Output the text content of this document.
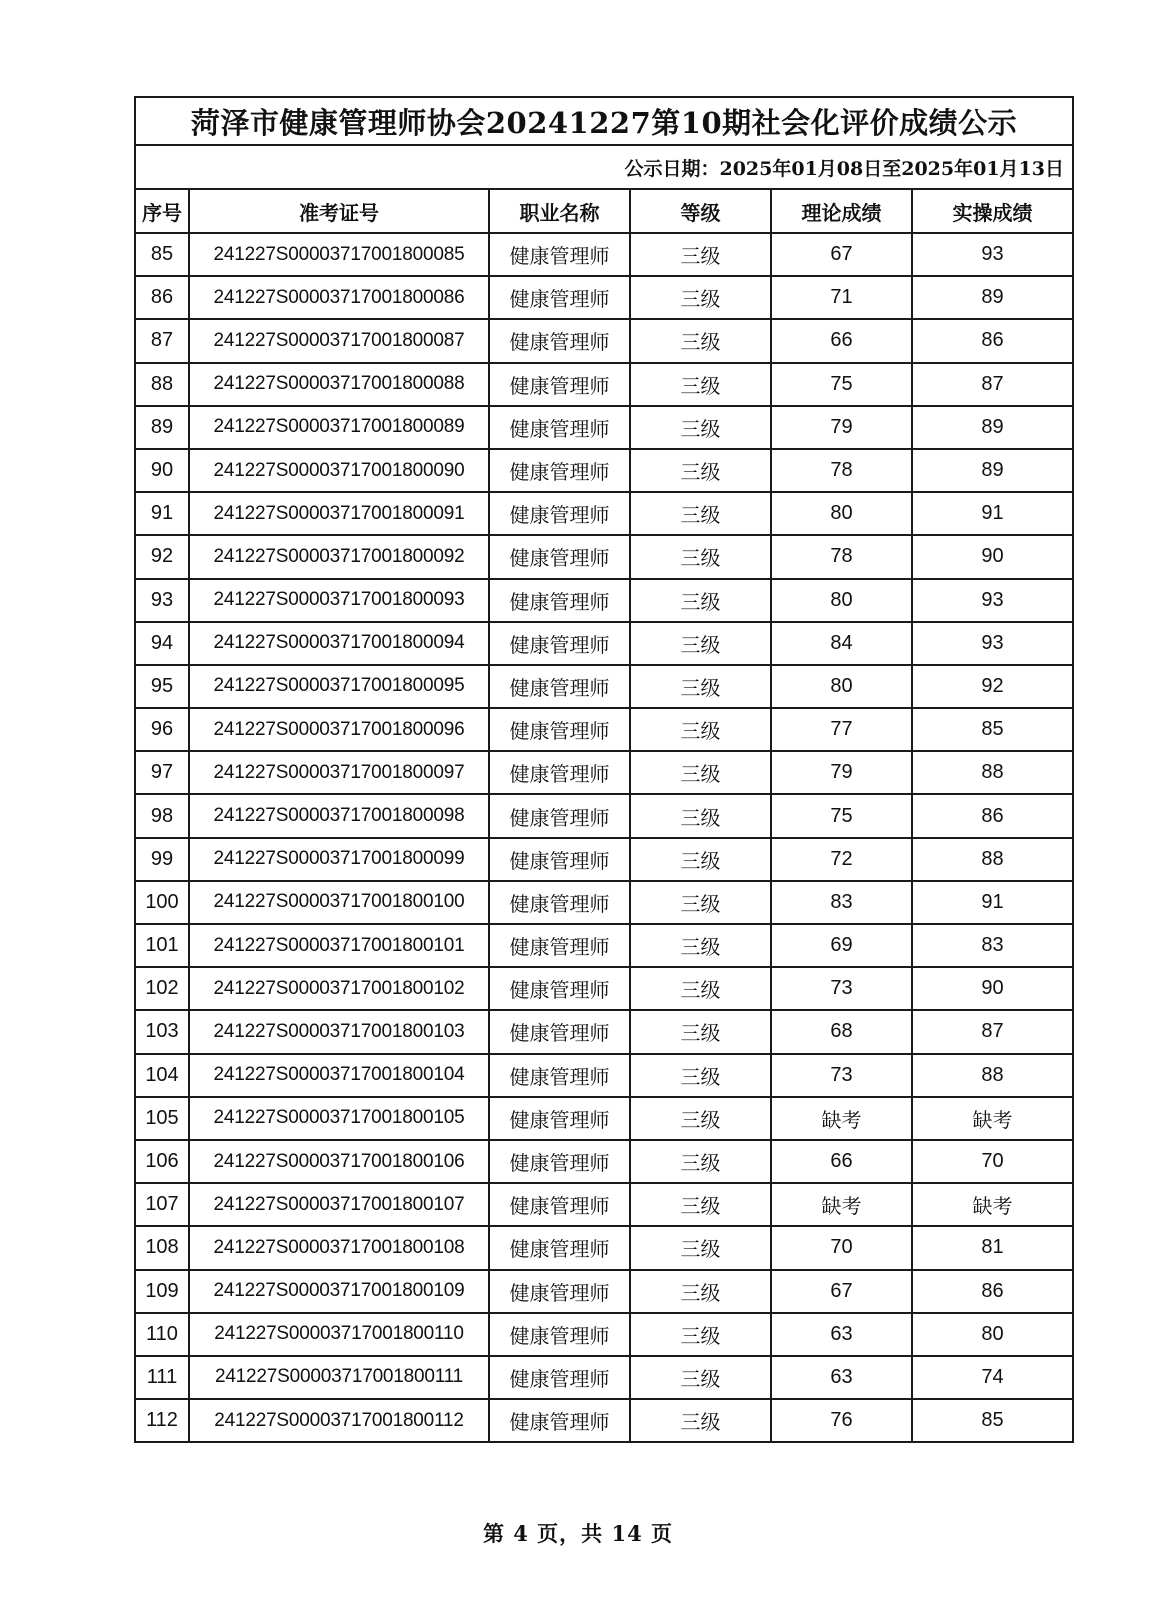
菏泽市健康管理师协会20241227第10期社会化评价成绩公示
公示日期：2025年01月08日至2025年01月13日
序号	准考证号	职业名称	等级	理论成绩	实操成绩
85	241227S00003717001800085	健康管理师	三级	67	93
86	241227S00003717001800086	健康管理师	三级	71	89
87	241227S00003717001800087	健康管理师	三级	66	86
88	241227S00003717001800088	健康管理师	三级	75	87
89	241227S00003717001800089	健康管理师	三级	79	89
90	241227S00003717001800090	健康管理师	三级	78	89
91	241227S00003717001800091	健康管理师	三级	80	91
92	241227S00003717001800092	健康管理师	三级	78	90
93	241227S00003717001800093	健康管理师	三级	80	93
94	241227S00003717001800094	健康管理师	三级	84	93
95	241227S00003717001800095	健康管理师	三级	80	92
96	241227S00003717001800096	健康管理师	三级	77	85
97	241227S00003717001800097	健康管理师	三级	79	88
98	241227S00003717001800098	健康管理师	三级	75	86
99	241227S00003717001800099	健康管理师	三级	72	88
100	241227S00003717001800100	健康管理师	三级	83	91
101	241227S00003717001800101	健康管理师	三级	69	83
102	241227S00003717001800102	健康管理师	三级	73	90
103	241227S00003717001800103	健康管理师	三级	68	87
104	241227S00003717001800104	健康管理师	三级	73	88
105	241227S00003717001800105	健康管理师	三级	缺考	缺考
106	241227S00003717001800106	健康管理师	三级	66	70
107	241227S00003717001800107	健康管理师	三级	缺考	缺考
108	241227S00003717001800108	健康管理师	三级	70	81
109	241227S00003717001800109	健康管理师	三级	67	86
110	241227S00003717001800110	健康管理师	三级	63	80
111	241227S00003717001800111	健康管理师	三级	63	74
112	241227S00003717001800112	健康管理师	三级	76	85
第 4 页，共 14 页
